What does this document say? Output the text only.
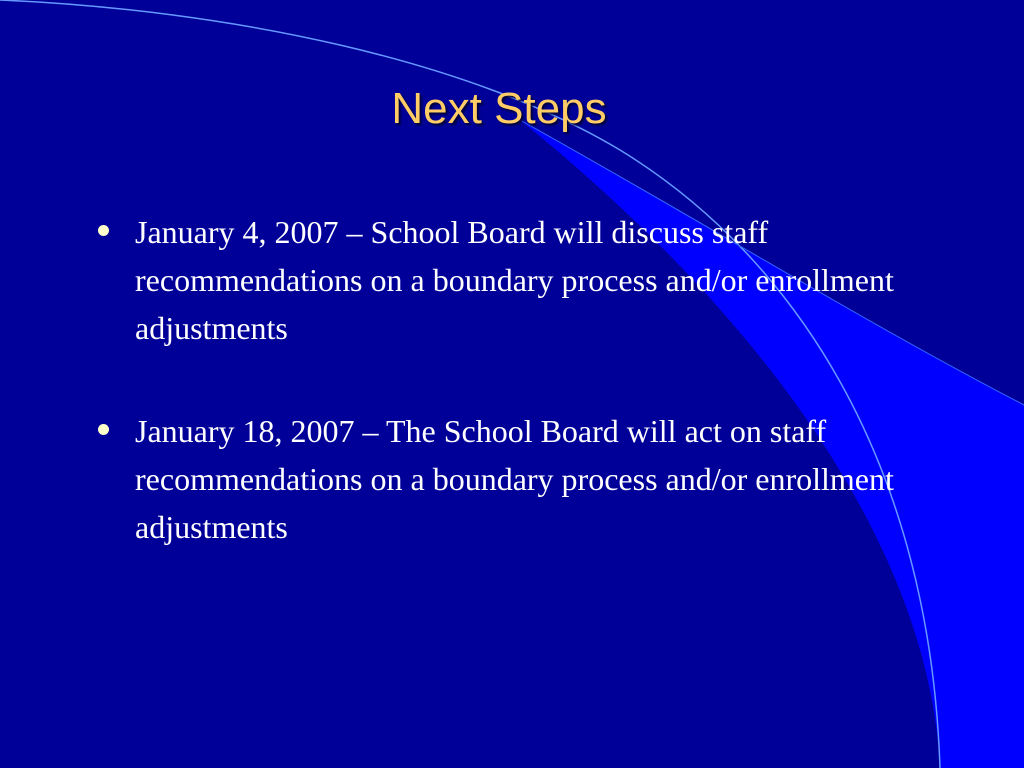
Next Steps
January 4, 2007 – School Board will discuss staff recommendations on a boundary process and/or enrollment adjustments
January 18, 2007 – The School Board will act on staff recommendations on a boundary process and/or enrollment adjustments
